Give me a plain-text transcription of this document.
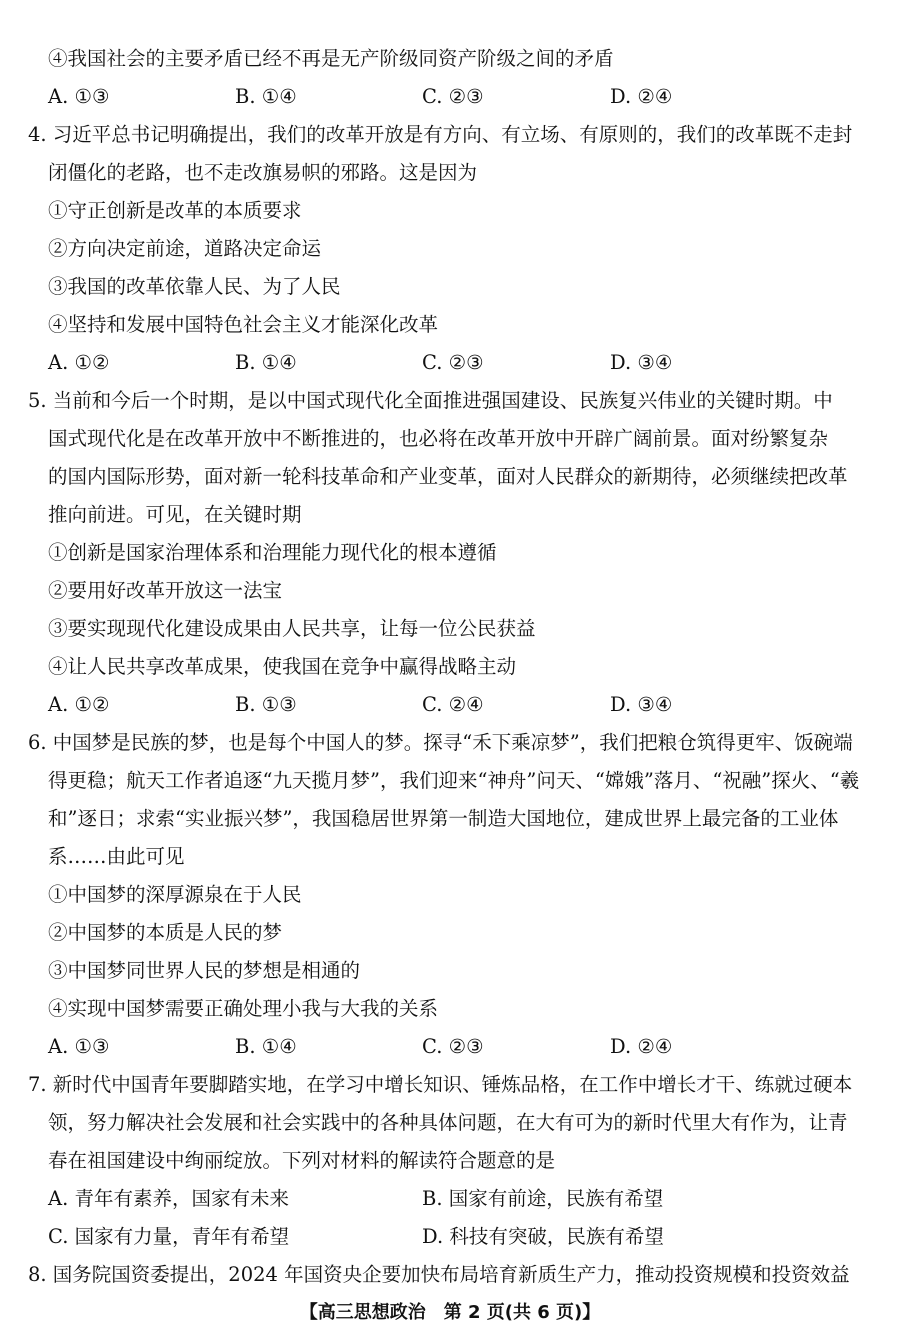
④我国社会的主要矛盾已经不再是无产阶级同资产阶级之间的矛盾
A. ①③	B. ①④	C. ②③	D. ②④
4. 习近平总书记明确提出，我们的改革开放是有方向、有立场、有原则的，我们的改革既不走封
闭僵化的老路，也不走改旗易帜的邪路。这是因为
①守正创新是改革的本质要求
②方向决定前途，道路决定命运
③我国的改革依靠人民、为了人民
④坚持和发展中国特色社会主义才能深化改革
A. ①②	B. ①④	C. ②③	D. ③④
5. 当前和今后一个时期，是以中国式现代化全面推进强国建设、民族复兴伟业的关键时期。中
国式现代化是在改革开放中不断推进的，也必将在改革开放中开辟广阔前景。面对纷繁复杂
的国内国际形势，面对新一轮科技革命和产业变革，面对人民群众的新期待，必须继续把改革
推向前进。可见，在关键时期
①创新是国家治理体系和治理能力现代化的根本遵循
②要用好改革开放这一法宝
③要实现现代化建设成果由人民共享，让每一位公民获益
④让人民共享改革成果，使我国在竞争中赢得战略主动
A. ①②	B. ①③	C. ②④	D. ③④
6. 中国梦是民族的梦，也是每个中国人的梦。探寻“禾下乘凉梦”，我们把粮仓筑得更牢、饭碗端
得更稳；航天工作者追逐“九天揽月梦”，我们迎来“神舟”问天、“嫦娥”落月、“祝融”探火、“羲
和”逐日；求索“实业振兴梦”，我国稳居世界第一制造大国地位，建成世界上最完备的工业体
系……由此可见
①中国梦的深厚源泉在于人民
②中国梦的本质是人民的梦
③中国梦同世界人民的梦想是相通的
④实现中国梦需要正确处理小我与大我的关系
A. ①③	B. ①④	C. ②③	D. ②④
7. 新时代中国青年要脚踏实地，在学习中增长知识、锤炼品格，在工作中增长才干、练就过硬本
领，努力解决社会发展和社会实践中的各种具体问题，在大有可为的新时代里大有作为，让青
春在祖国建设中绚丽绽放。下列对材料的解读符合题意的是
A. 青年有素养，国家有未来	B. 国家有前途，民族有希望
C. 国家有力量，青年有希望	D. 科技有突破，民族有希望
8. 国务院国资委提出，2024 年国资央企要加快布局培育新质生产力，推动投资规模和投资效益
【高三思想政治　第 2 页(共 6 页)】
